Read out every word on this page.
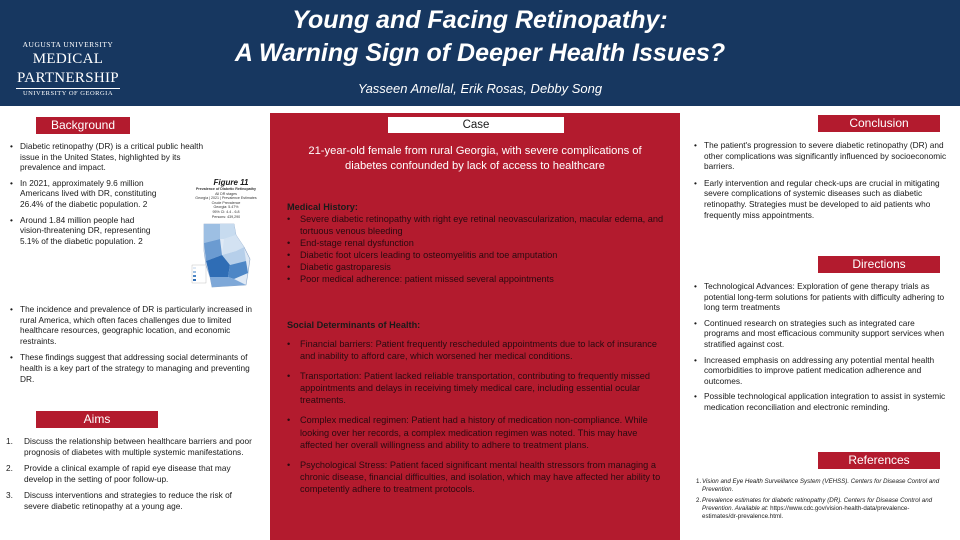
AUGUSTA UNIVERSITY
MEDICAL
PARTNERSHIP
UNIVERSITY OF GEORGIA
Young and Facing Retinopathy:
A Warning Sign of Deeper Health Issues?
Yasseen Amellal, Erik Rosas, Debby Song
Background
• Diabetic retinopathy (DR) is a critical public health issue in the United States, highlighted by its prevalence and impact.
• In 2021, approximately 9.6 million Americans lived with DR, constituting 26.4% of the diabetic population. 2
• Around 1.84 million people had vision-threatening DR, representing 5.1% of the diabetic population. 2
• The incidence and prevalence of DR is particularly increased in rural America, which often faces challenges due to limited healthcare resources, geographic location, and economic restraints.
• These findings suggest that addressing social determinants of health is a key part of the strategy to managing and preventing DR.
Figure 11
Prevalence of Diabetic Retinopathy
All DR stages
Georgia | 2021 | Prevalence Estimates
Crude Prevalence
Georgia: 5.47%
95% CI: 4.4 - 6.8
Persons: 439,290
Aims
1. Discuss the relationship between healthcare barriers and poor prognosis of diabetes with multiple systemic manifestations.
2. Provide a clinical example of rapid eye disease that may develop in the setting of poor follow-up.
3. Discuss interventions and strategies to reduce the risk of severe diabetic retinopathy at a young age.
Case
21-year-old female from rural Georgia, with severe complications of diabetes confounded by lack of access to healthcare
Medical History:
• Severe diabetic retinopathy with right eye retinal neovascularization, macular edema, and tortuous venous bleeding
• End-stage renal dysfunction
• Diabetic foot ulcers leading to osteomyelitis and toe amputation
• Diabetic gastroparesis
• Poor medical adherence: patient missed several appointments
Social Determinants of Health:
• Financial barriers: Patient frequently rescheduled appointments due to lack of insurance and inability to afford care, which worsened her medical conditions.
• Transportation: Patient lacked reliable transportation, contributing to frequently missed appointments and delays in receiving timely medical care, including essential ocular treatments.
• Complex medical regimen: Patient had a history of medication non-compliance. While looking over her records, a complex medication regimen was noted. This may have affected her overall willingness and ability to adhere to treatment plans.
• Psychological Stress: Patient faced significant mental health stressors from managing a chronic disease, financial difficulties, and isolation, which may have affected her ability to competently adhere to treatment protocols.
Conclusion
• The patient's progression to severe diabetic retinopathy (DR) and other complications was significantly influenced by socioeconomic barriers.
• Early intervention and regular check-ups are crucial in mitigating severe complications of systemic diseases such as diabetic retinopathy. Strategies must be developed to aid patients who frequently miss appointments.
Directions
• Technological Advances: Exploration of gene therapy trials as potential long-term solutions for patients with difficulty adhering to long term treatments
• Continued research on strategies such as integrated care programs and most efficacious community support services when stratified against cost.
• Increased emphasis on addressing any potential mental health comorbidities to improve patient medication adherence and outcomes.
• Possible technological application integration to assist in systemic medication reconciliation and electronic reminding.
References
1. Vision and Eye Health Surveillance System (VEHSS). Centers for Disease Control and Prevention.
2. Prevalence estimates for diabetic retinopathy (DR). Centers for Disease Control and Prevention. Available at: https://www.cdc.gov/vision-health-data/prevalence-estimates/dr-prevalence.html.
